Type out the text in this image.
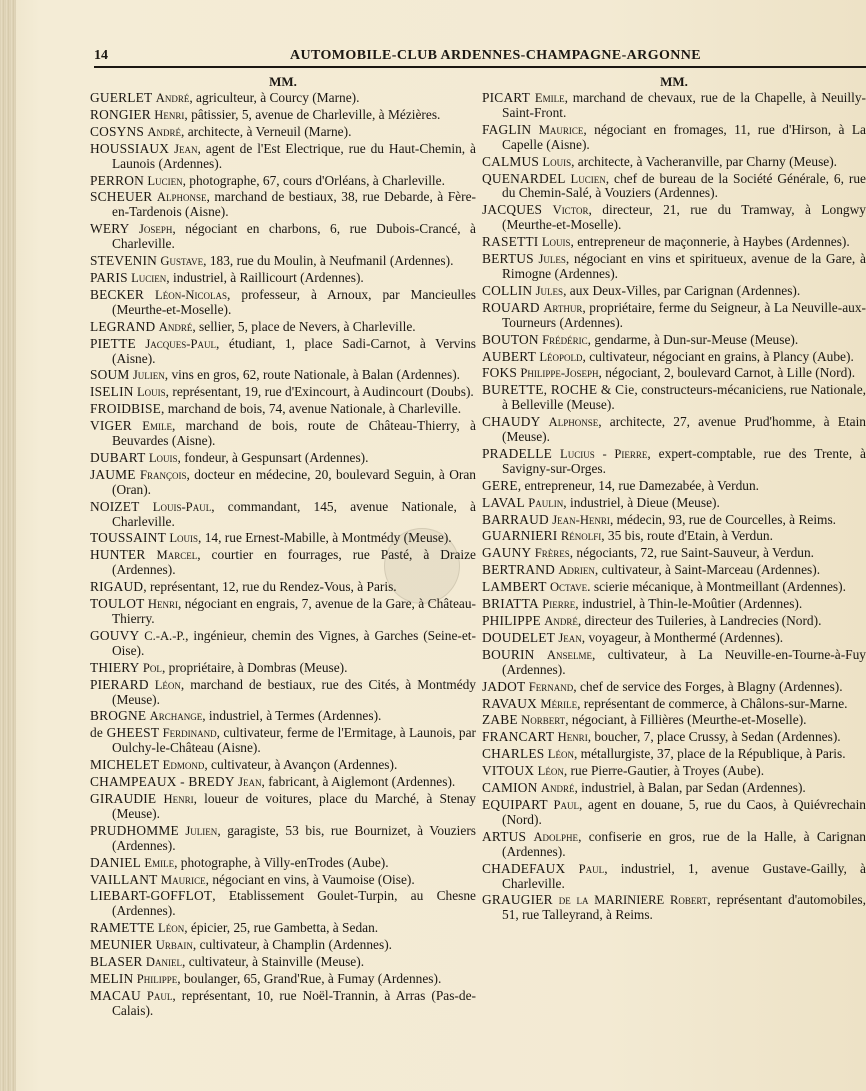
14	AUTOMOBILE-CLUB ARDENNES-CHAMPAGNE-ARGONNE
MM.
GUERLET André, agriculteur, à Courcy (Marne).
RONGIER Henri, pâtissier, 5, avenue de Charleville, à Mézières.
COSYNS André, architecte, à Verneuil (Marne).
HOUSSIAUX Jean, agent de l'Est Electrique, rue du Haut-Chemin, à Launois (Ardennes).
PERRON Lucien, photographe, 67, cours d'Orléans, à Charleville.
SCHEUER Alphonse, marchand de bestiaux, 38, rue Debarde, à Fère-en-Tardenois (Aisne).
WERY Joseph, négociant en charbons, 6, rue Dubois-Crancé, à Charleville.
STEVENIN Gustave, 183, rue du Moulin, à Neufmanil (Ardennes).
PARIS Lucien, industriel, à Raillicourt (Ardennes).
BECKER Léon-Nicolas, professeur, à Arnoux, par Mancieulles (Meurthe-et-Moselle).
LEGRAND André, sellier, 5, place de Nevers, à Charleville.
PIETTE Jacques-Paul, étudiant, 1, place Sadi-Carnot, à Vervins (Aisne).
SOUM Julien, vins en gros, 62, route Nationale, à Balan (Ardennes).
ISELIN Louis, représentant, 19, rue d'Exincourt, à Audincourt (Doubs).
FROIDBISE, marchand de bois, 74, avenue Nationale, à Charleville.
VIGER Emile, marchand de bois, route de Château-Thierry, à Beuvardes (Aisne).
DUBART Louis, fondeur, à Gespunsart (Ardennes).
JAUME François, docteur en médecine, 20, boulevard Seguin, à Oran (Oran).
NOIZET Louis-Paul, commandant, 145, avenue Nationale, à Charleville.
TOUSSAINT Louis, 14, rue Ernest-Mabille, à Montmédy (Meuse).
HUNTER Marcel, courtier en fourrages, rue Pasté, à Draize (Ardennes).
RIGAUD, représentant, 12, rue du Rendez-Vous, à Paris.
TOULOT Henri, négociant en engrais, 7, avenue de la Gare, à Château-Thierry.
GOUVY C.-A.-P., ingénieur, chemin des Vignes, à Garches (Seine-et-Oise).
THIERY Pol, propriétaire, à Dombras (Meuse).
PIERARD Léon, marchand de bestiaux, rue des Cités, à Montmédy (Meuse).
BROGNE Archange, industriel, à Termes (Ardennes).
de GHEEST Ferdinand, cultivateur, ferme de l'Ermitage, à Launois, par Oulchy-le-Château (Aisne).
MICHELET Edmond, cultivateur, à Avançon (Ardennes).
CHAMPEAUX - BREDY Jean, fabricant, à Aiglemont (Ardennes).
GIRAUDIE Henri, loueur de voitures, place du Marché, à Stenay (Meuse).
PRUDHOMME Julien, garagiste, 53 bis, rue Bournizet, à Vouziers (Ardennes).
DANIEL Emile, photographe, à Villy-enTrodes (Aube).
VAILLANT Maurice, négociant en vins, à Vaumoise (Oise).
LIEBART-GOFFLOT, Etablissement Goulet-Turpin, au Chesne (Ardennes).
RAMETTE Léon, épicier, 25, rue Gambetta, à Sedan.
MEUNIER Urbain, cultivateur, à Champlin (Ardennes).
BLASER Daniel, cultivateur, à Stainville (Meuse).
MELIN Philippe, boulanger, 65, Grand'Rue, à Fumay (Ardennes).
MACAU Paul, représentant, 10, rue Noël-Trannin, à Arras (Pas-de-Calais).
MM.
PICART Emile, marchand de chevaux, rue de la Chapelle, à Neuilly-Saint-Front.
FAGLIN Maurice, négociant en fromages, 11, rue d'Hirson, à La Capelle (Aisne).
CALMUS Louis, architecte, à Vacheranville, par Charny (Meuse).
QUENARDEL Lucien, chef de bureau de la Société Générale, 6, rue du Chemin-Salé, à Vouziers (Ardennes).
JACQUES Victor, directeur, 21, rue du Tramway, à Longwy (Meurthe-et-Moselle).
RASETTI Louis, entrepreneur de maçonnerie, à Haybes (Ardennes).
BERTUS Jules, négociant en vins et spiritueux, avenue de la Gare, à Rimogne (Ardennes).
COLLIN Jules, aux Deux-Villes, par Carignan (Ardennes).
ROUARD Arthur, propriétaire, ferme du Seigneur, à La Neuville-aux-Tourneurs (Ardennes).
BOUTON Frédéric, gendarme, à Dun-sur-Meuse (Meuse).
AUBERT Léopold, cultivateur, négociant en grains, à Plancy (Aube).
FOKS Philippe-Joseph, négociant, 2, boulevard Carnot, à Lille (Nord).
BURETTE, ROCHE & Cie, constructeurs-mécaniciens, rue Nationale, à Belleville (Meuse).
CHAUDY Alphonse, architecte, 27, avenue Prud'homme, à Etain (Meuse).
PRADELLE Lucius - Pierre, expert-comptable, rue des Trente, à Savigny-sur-Orges.
GERE, entrepreneur, 14, rue Damezabée, à Verdun.
LAVAL Paulin, industriel, à Dieue (Meuse).
BARRAUD Jean-Henri, médecin, 93, rue de Courcelles, à Reims.
GUARNIERI Rénolfi, 35 bis, route d'Etain, à Verdun.
GAUNY Frères, négociants, 72, rue Saint-Sauveur, à Verdun.
BERTRAND Adrien, cultivateur, à Saint-Marceau (Ardennes).
LAMBERT Octave. scierie mécanique, à Montmeillant (Ardennes).
BRIATTA Pierre, industriel, à Thin-le-Moûtier (Ardennes).
PHILIPPE André, directeur des Tuileries, à Landrecies (Nord).
DOUDELET Jean, voyageur, à Monthermé (Ardennes).
BOURIN Anselme, cultivateur, à La Neuville-en-Tourne-à-Fuy (Ardennes).
JADOT Fernand, chef de service des Forges, à Blagny (Ardennes).
RAVAUX Mérile, représentant de commerce, à Châlons-sur-Marne.
ZABE Norbert, négociant, à Fillières (Meurthe-et-Moselle).
FRANCART Henri, boucher, 7, place Crussy, à Sedan (Ardennes).
CHARLES Léon, métallurgiste, 37, place de la République, à Paris.
VITOUX Léon, rue Pierre-Gautier, à Troyes (Aube).
CAMION André, industriel, à Balan, par Sedan (Ardennes).
EQUIPART Paul, agent en douane, 5, rue du Caos, à Quiévrechain (Nord).
ARTUS Adolphe, confiserie en gros, rue de la Halle, à Carignan (Ardennes).
CHADEFAUX Paul, industriel, 1, avenue Gustave-Gailly, à Charleville.
GRAUGIER de la MARINIERE Robert, représentant d'automobiles, 51, rue Talleyrand, à Reims.
